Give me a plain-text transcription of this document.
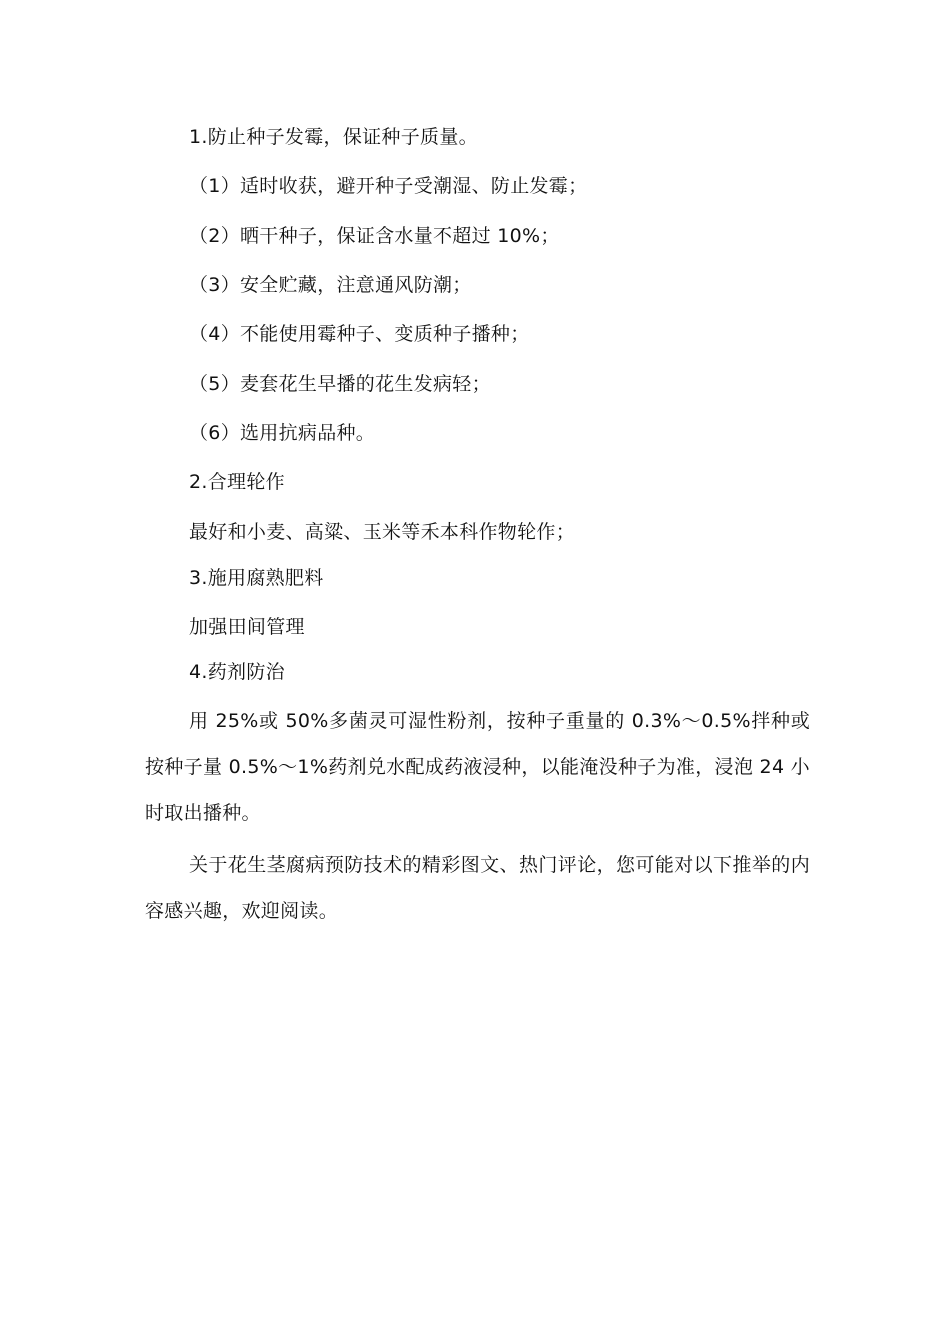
1.防止种子发霉，保证种子质量。
（1）适时收获，避开种子受潮湿、防止发霉；
（2）晒干种子，保证含水量不超过 10%；
（3）安全贮藏，注意通风防潮；
（4）不能使用霉种子、变质种子播种；
（5）麦套花生早播的花生发病轻；
（6）选用抗病品种。
2.合理轮作
最好和小麦、高粱、玉米等禾本科作物轮作；
3.施用腐熟肥料
加强田间管理
4.药剂防治
用 25%或 50%多菌灵可湿性粉剂，按种子重量的 0.3%～0.5%拌种或按种子量 0.5%～1%药剂兑水配成药液浸种，以能淹没种子为准，浸泡 24 小时取出播种。
关于花生茎腐病预防技术的精彩图文、热门评论，您可能对以下推举的内容感兴趣，欢迎阅读。
